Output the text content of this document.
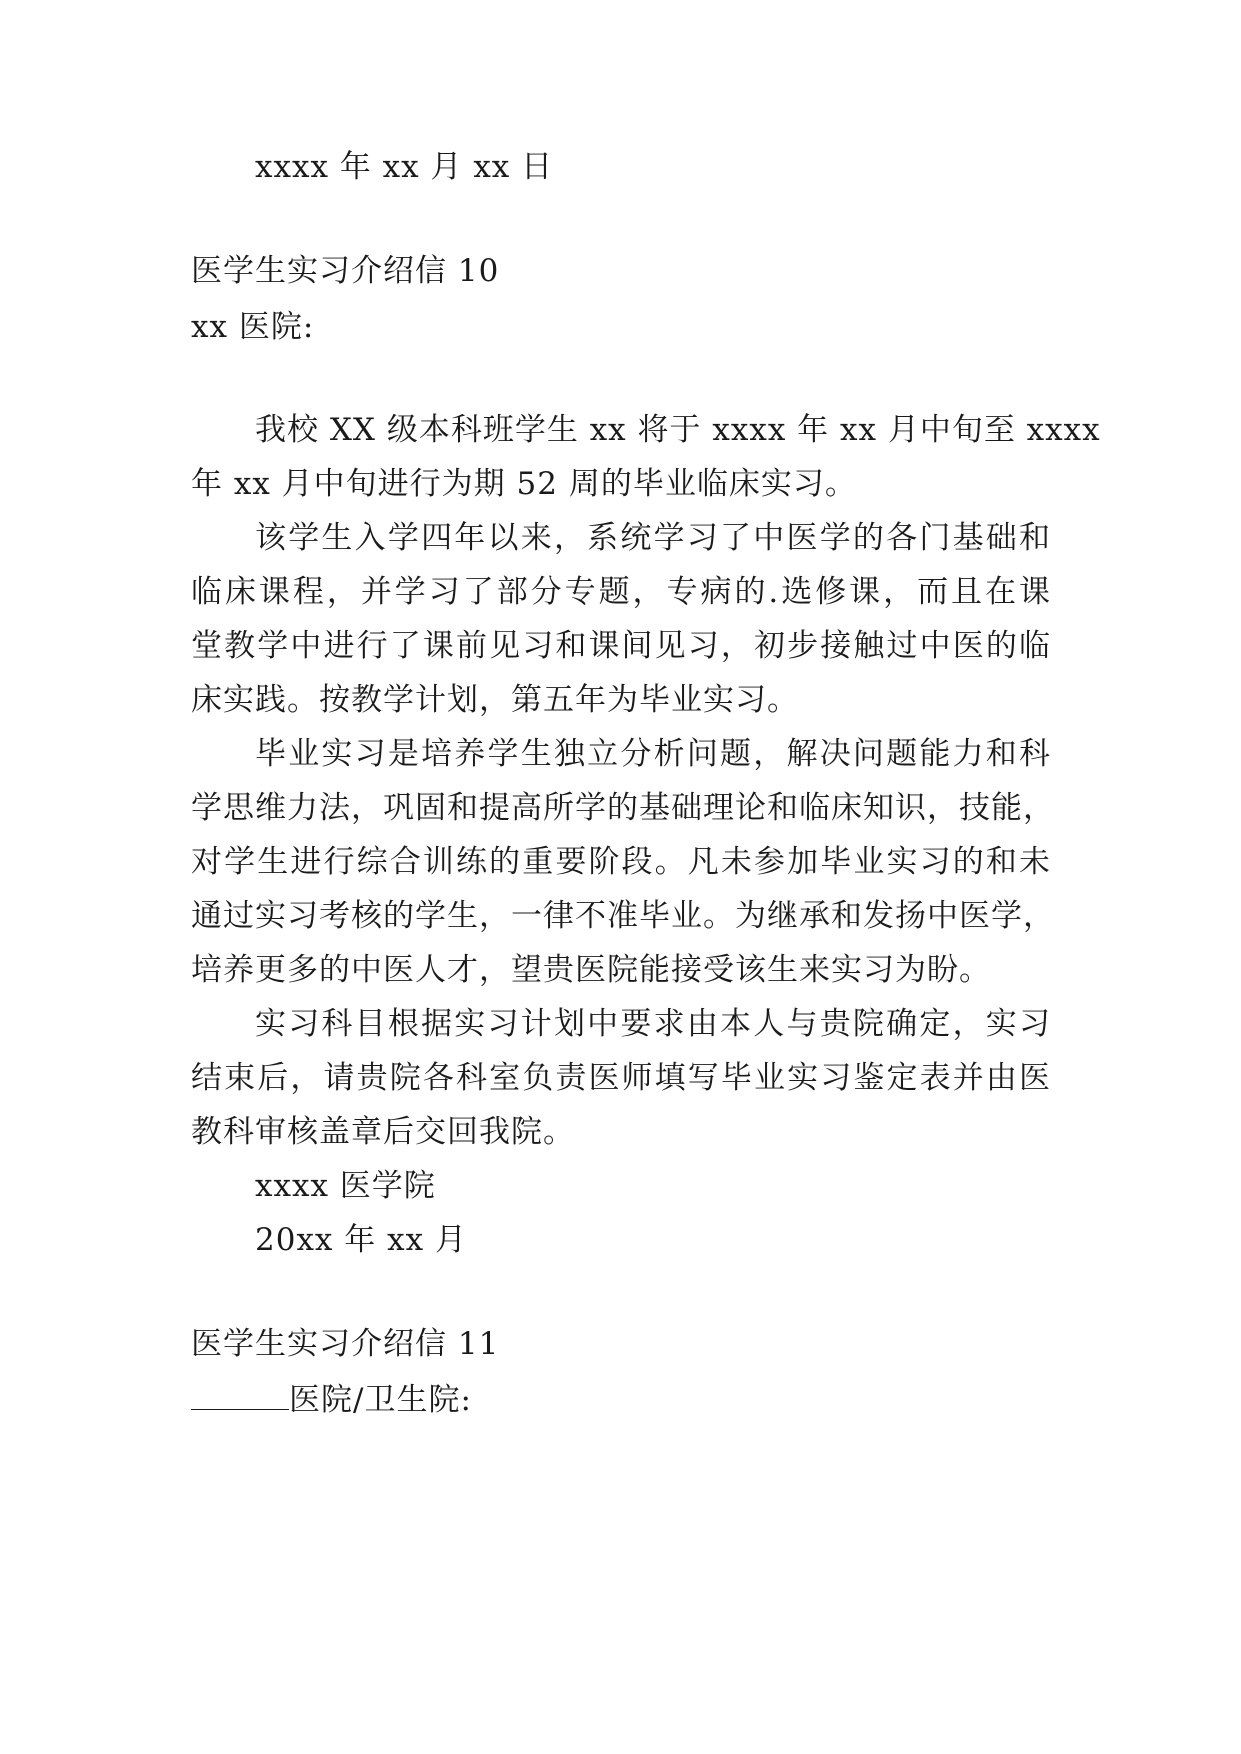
xxxx 年 xx 月 xx 日
医学生实习介绍信 10
xx 医院:
我校 XX 级本科班学生 xx 将于 xxxx 年 xx 月中旬至 xxxx
年 xx 月中旬进行为期 52 周的毕业临床实习。
该学生入学四年以来，系统学习了中医学的各门基础和
临床课程，并学习了部分专题，专病的.选修课，而且在课
堂教学中进行了课前见习和课间见习，初步接触过中医的临
床实践。按教学计划，第五年为毕业实习。
毕业实习是培养学生独立分析问题，解决问题能力和科
学思维力法，巩固和提高所学的基础理论和临床知识，技能，
对学生进行综合训练的重要阶段。凡未参加毕业实习的和未
通过实习考核的学生，一律不准毕业。为继承和发扬中医学，
培养更多的中医人才，望贵医院能接受该生来实习为盼。
实习科目根据实习计划中要求由本人与贵院确定，实习
结束后，请贵院各科室负责医师填写毕业实习鉴定表并由医
教科审核盖章后交回我院。
xxxx 医学院
20xx 年 xx 月
医学生实习介绍信 11
医院/卫生院:
